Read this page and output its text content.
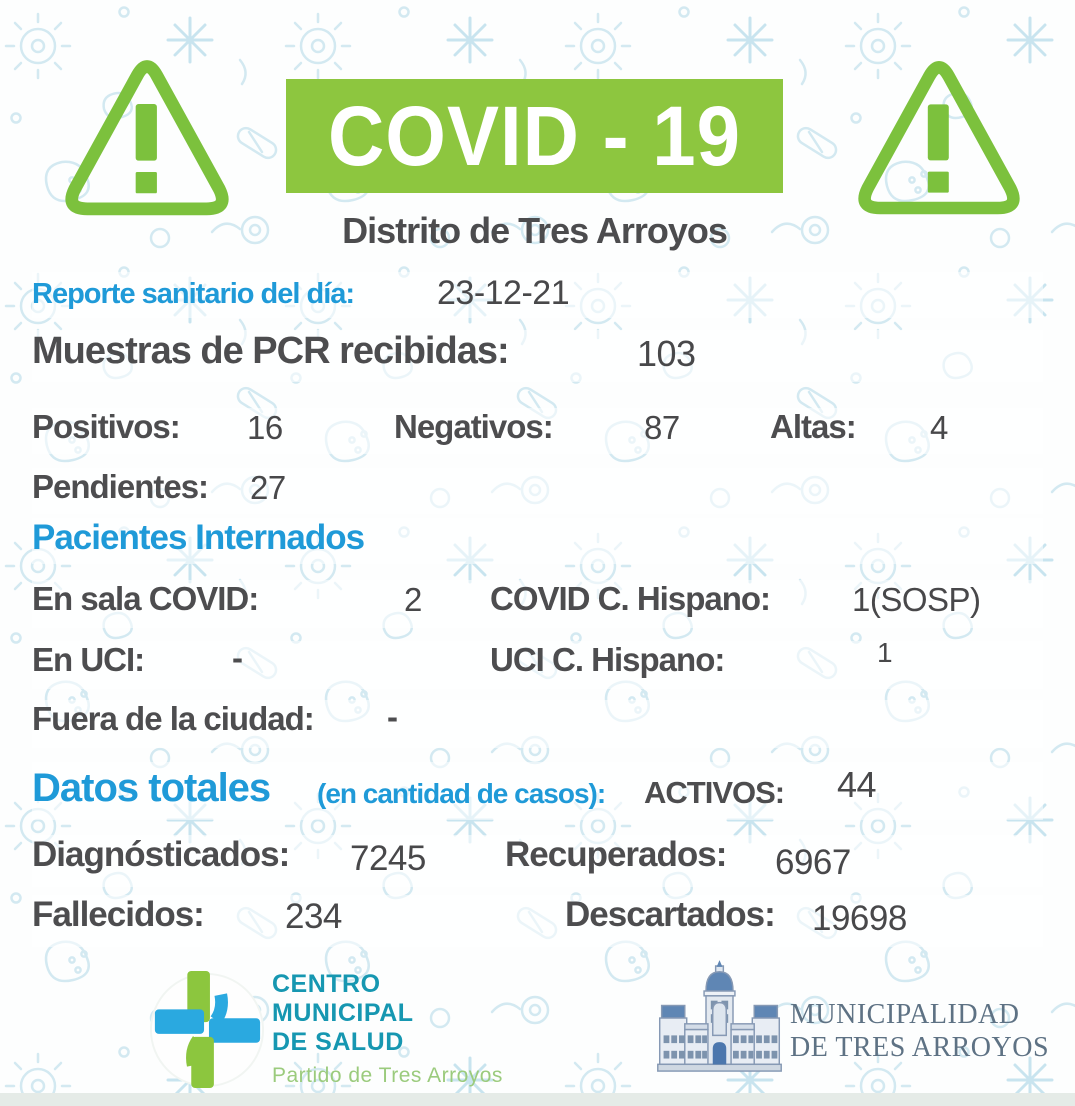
COVID - 19
Distrito de Tres Arroyos
Reporte sanitario del día: 23-12-21
Muestras de PCR recibidas:	103
Positivos: 16	Negativos:	87	Altas: 4
Pendientes: 27
Pacientes Internados
En sala COVID:	2 COVID C. Hispano: 1(SOSP)
En UCI:	-	UCI C. Hispano:	1
Fuera de la ciudad: -
Datos totales (en cantidad de casos): ACTIVOS: 44
Diagnósticados: 7245 Recuperados: 6967
Fallecidos: 234	Descartados: 19698
CENTRO
MUNICIPAL
DE SALUD
Partido de Tres Arroyos
MUNICIPALIDAD
DE TRES ARROYOS
